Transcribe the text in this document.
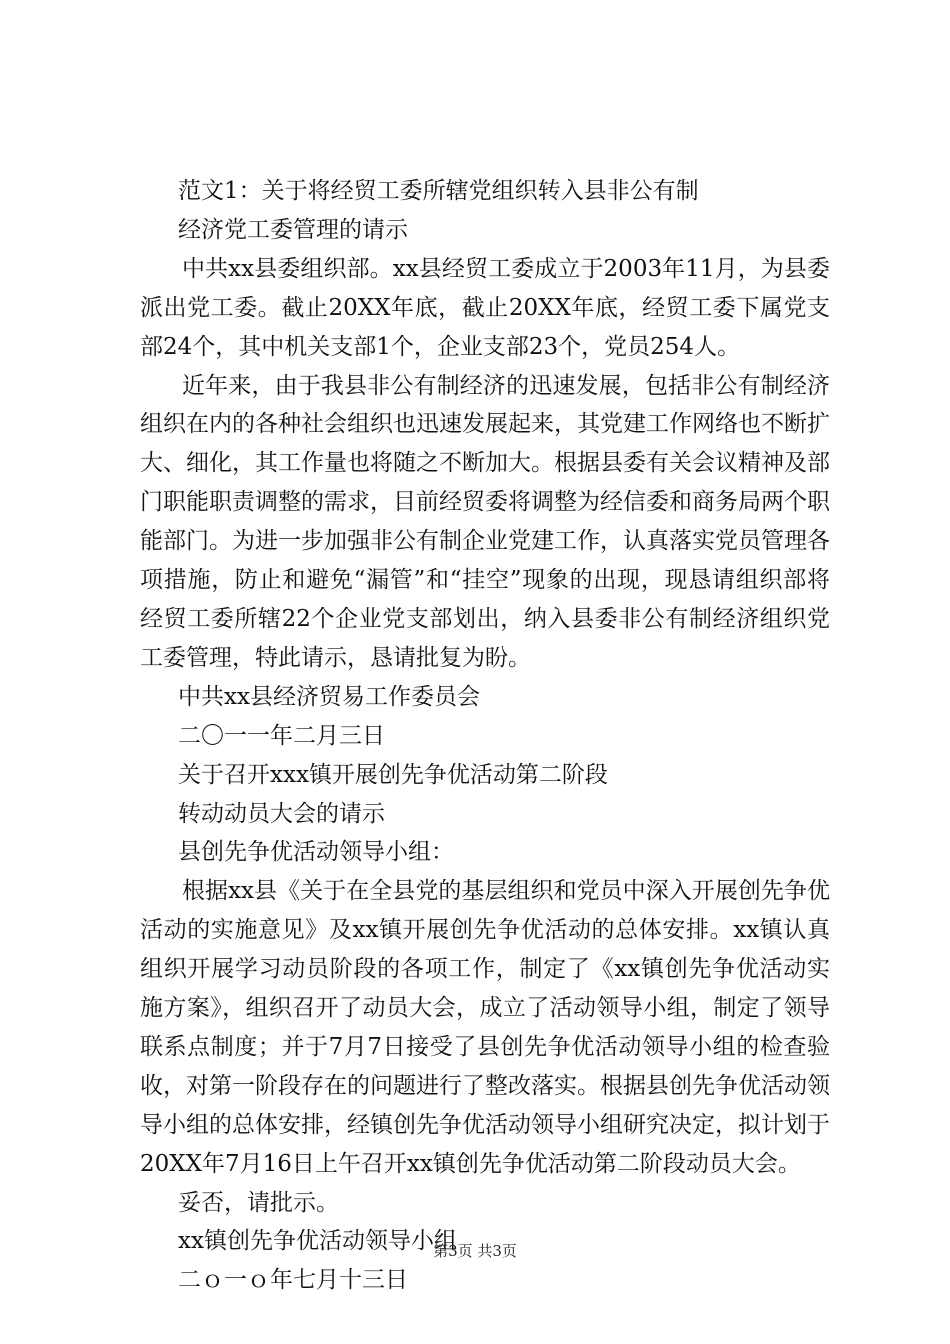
范文1：关于将经贸工委所辖党组织转入县非公有制
经济党工委管理的请示
中共xx县委组织部。xx县经贸工委成立于2003年11月，为县委派出党工委。截止20XX年底，截止20XX年底，经贸工委下属党支部24个，其中机关支部1个，企业支部23个，党员254人。
近年来，由于我县非公有制经济的迅速发展，包括非公有制经济组织在内的各种社会组织也迅速发展起来，其党建工作网络也不断扩大、细化，其工作量也将随之不断加大。根据县委有关会议精神及部门职能职责调整的需求，目前经贸委将调整为经信委和商务局两个职能部门。为进一步加强非公有制企业党建工作，认真落实党员管理各项措施，防止和避免“漏管”和“挂空”现象的出现，现恳请组织部将经贸工委所辖22个企业党支部划出，纳入县委非公有制经济组织党工委管理，特此请示，恳请批复为盼。
中共xx县经济贸易工作委员会
二〇一一年二月三日
关于召开xxx镇开展创先争优活动第二阶段
转动动员大会的请示
县创先争优活动领导小组：
根据xx县《关于在全县党的基层组织和党员中深入开展创先争优活动的实施意见》及xx镇开展创先争优活动的总体安排。xx镇认真组织开展学习动员阶段的各项工作，制定了《xx镇创先争优活动实施方案》，组织召开了动员大会，成立了活动领导小组，制定了领导联系点制度；并于7月7日接受了县创先争优活动领导小组的检查验收，对第一阶段存在的问题进行了整改落实。根据县创先争优活动领导小组的总体安排，经镇创先争优活动领导小组研究决定，拟计划于20XX年7月16日上午召开xx镇创先争优活动第二阶段动员大会。
妥否，请批示。
xx镇创先争优活动领导小组
二ｏ一ｏ年七月十三日
第3页 共3页
